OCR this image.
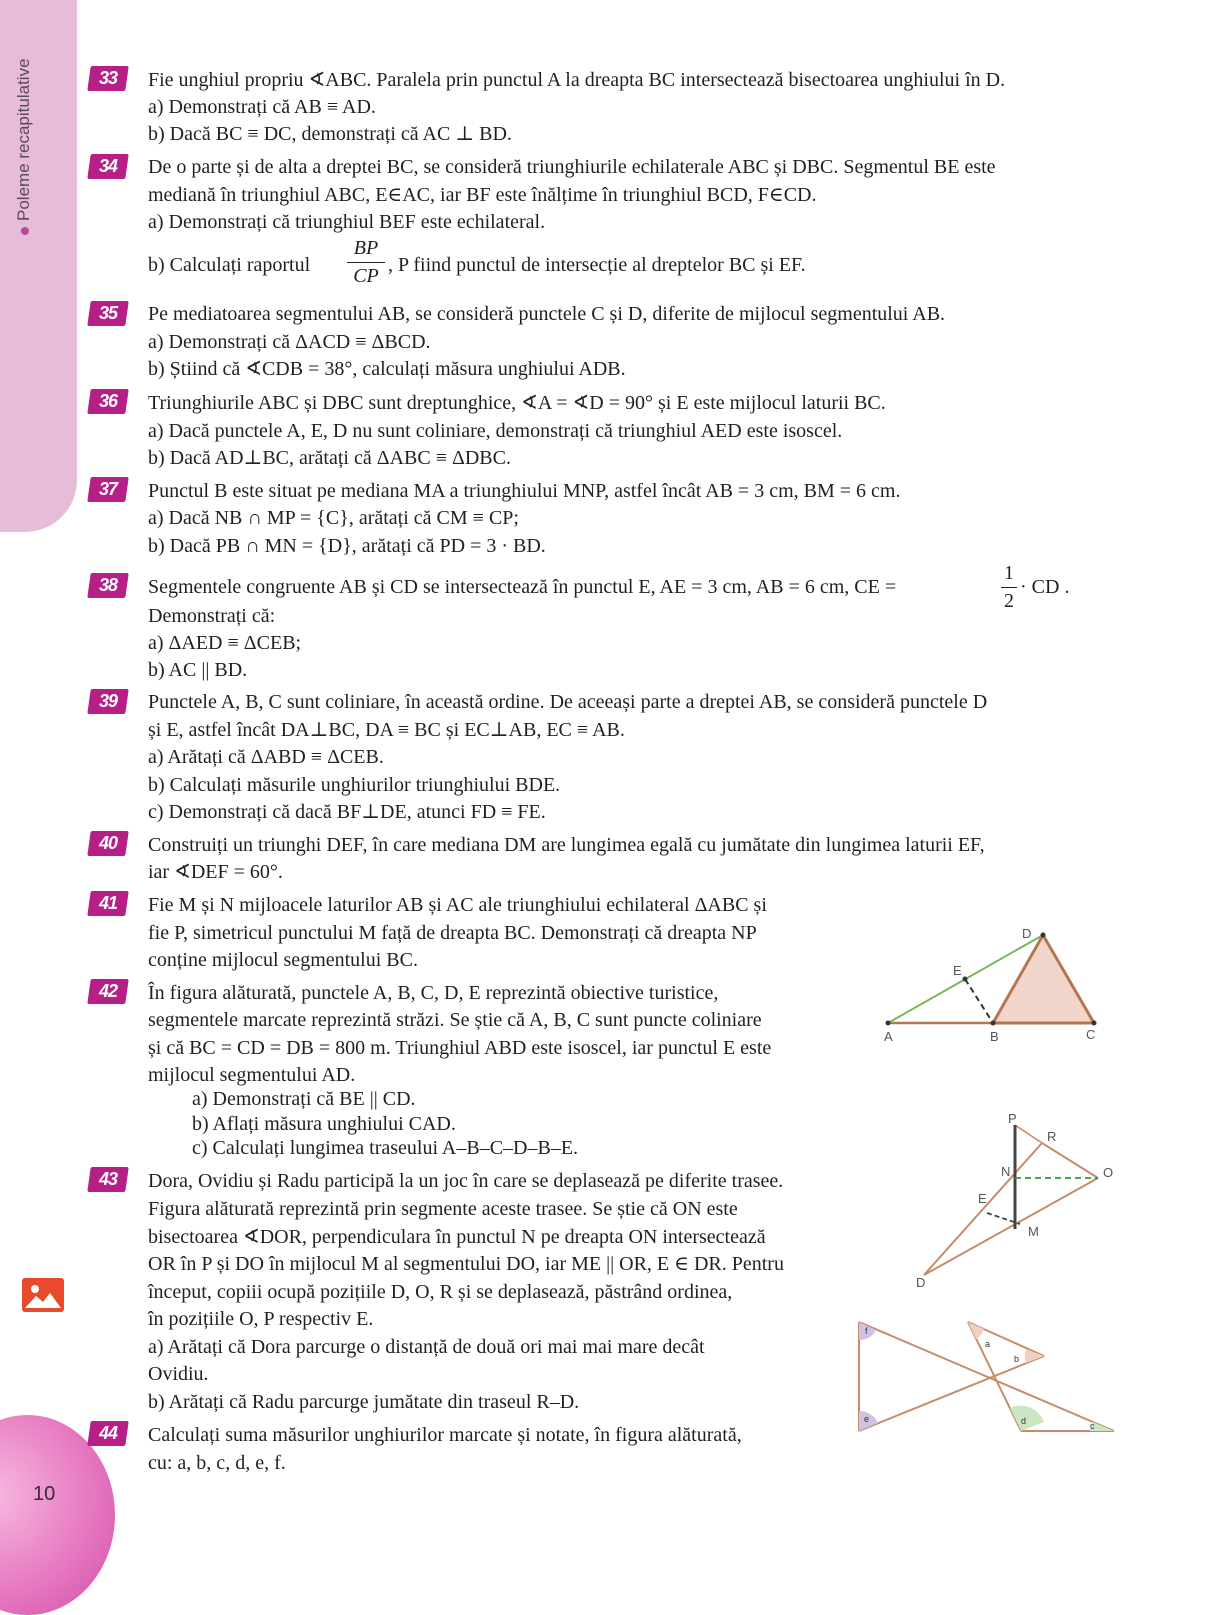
Poleme recapitulative
10
33	Fie unghiul propriu ∢ABC. Paralela prin punctul A la dreapta BC intersectează bisectoarea unghiului în D.
a) Demonstrați că AB ≡ AD.
b) Dacă BC ≡ DC, demonstrați că AC ⊥ BD.
34	De o parte și de alta a dreptei BC, se consideră triunghiurile echilaterale ABC și DBC. Segmentul BE este
mediană în triunghiul ABC, E∈AC, iar BF este înălțime în triunghiul BCD, F∈CD.
a) Demonstrați că triunghiul BEF este echilateral.
b) Calculați raportul
BP
CP , P fiind punctul de intersecție al dreptelor BC și EF.
35	Pe mediatoarea segmentului AB, se consideră punctele C și D, diferite de mijlocul segmentului AB.
a) Demonstrați că ΔACD ≡ ΔBCD.
b) Știind că ∢CDB = 38°, calculați măsura unghiului ADB.
36	Triunghiurile ABC și DBC sunt dreptunghice, ∢A = ∢D = 90° și E este mijlocul laturii BC.
a) Dacă punctele A, E, D nu sunt coliniare, demonstrați că triunghiul AED este isoscel.
b) Dacă AD⊥BC, arătați că ΔABC ≡ ΔDBC.
37	Punctul B este situat pe mediana MA a triunghiului MNP, astfel încât AB = 3 cm, BM = 6 cm.
a) Dacă NB ∩ MP = {C}, arătați că CM ≡ CP;
b) Dacă PB ∩ MN = {D}, arătați că PD = 3 · BD.
38	Segmentele congruente AB și CD se intersectează în punctul E, AE = 3 cm, AB = 6 cm, CE =
1
2
· CD .
Demonstrați că:
a) ΔAED ≡ ΔCEB;
b) AC || BD.
39	Punctele A, B, C sunt coliniare, în această ordine. De aceeași parte a dreptei AB, se consideră punctele D
și E, astfel încât DA⊥BC, DA ≡ BC și EC⊥AB, EC ≡ AB.
a) Arătați că ΔABD ≡ ΔCEB.
b) Calculați măsurile unghiurilor triunghiului BDE.
c) Demonstrați că dacă BF⊥DE, atunci FD ≡ FE.
40	Construiți un triunghi DEF, în care mediana DM are lungimea egală cu jumătate din lungimea laturii EF,
iar ∢DEF = 60°.
41	Fie M și N mijloacele laturilor AB și AC ale triunghiului echilateral ΔABC și
fie P, simetricul punctului M față de dreapta BC. Demonstrați că dreapta NP
conține mijlocul segmentului BC.
42	În figura alăturată, punctele A, B, C, D, E reprezintă obiective turistice,
segmentele marcate reprezintă străzi. Se știe că A, B, C sunt puncte coliniare
și că BC = CD = DB = 800 m. Triunghiul ABD este isoscel, iar punctul E este
mijlocul segmentului AD.
a) Demonstrați că BE || CD.
b) Aflați măsura unghiului CAD.
c) Calculați lungimea traseului A–B–C–D–B–E.
43	Dora, Ovidiu și Radu participă la un joc în care se deplasează pe diferite trasee.
Figura alăturată reprezintă prin segmente aceste trasee. Se știe că ON este
bisectoarea ∢DOR, perpendiculara în punctul N pe dreapta ON intersectează
OR în P și DO în mijlocul M al segmentului DO, iar ME || OR, E ∈ DR. Pentru
început, copiii ocupă pozițiile D, O, R și se deplasează, păstrând ordinea,
în pozițiile O, P respectiv E.
a) Arătați că Dora parcurge o distanță de două ori mai mai mare decât
Ovidiu.
b) Arătați că Radu parcurge jumătate din traseul R–D.
44	Calculați suma măsurilor unghiurilor marcate și notate, în figura alăturată,
cu: a, b, c, d, e, f.
A	B	C
D
E
P
R
N	O
E
M
D
f
e
a
b
d	c
